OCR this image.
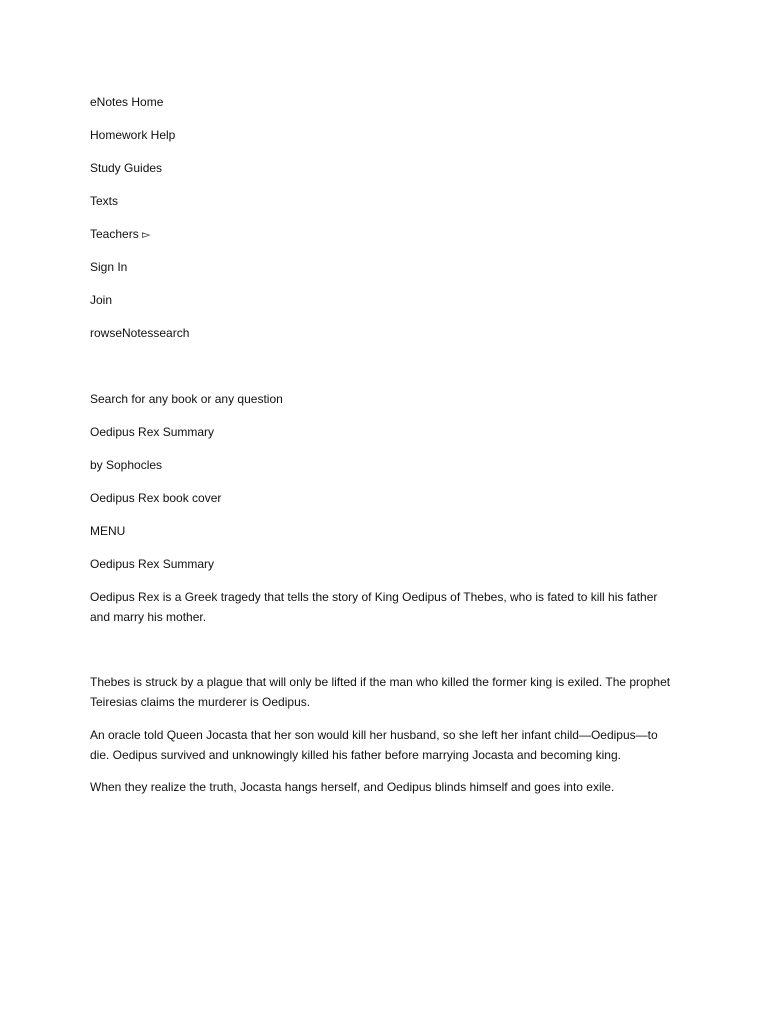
eNotes Home
Homework Help
Study Guides
Texts
Teachers ▻
Sign In
Join
rowseNotessearch
Search for any book or any question
Oedipus Rex Summary
by Sophocles
Oedipus Rex book cover
MENU
Oedipus Rex Summary

Oedipus Rex is a Greek tragedy that tells the story of King Oedipus of Thebes, who is fated to kill his father and marry his mother.

Thebes is struck by a plague that will only be lifted if the man who killed the former king is exiled. The prophet Teiresias claims the murderer is Oedipus.

An oracle told Queen Jocasta that her son would kill her husband, so she left her infant child—Oedipus—to die. Oedipus survived and unknowingly killed his father before marrying Jocasta and becoming king.

When they realize the truth, Jocasta hangs herself, and Oedipus blinds himself and goes into exile.
